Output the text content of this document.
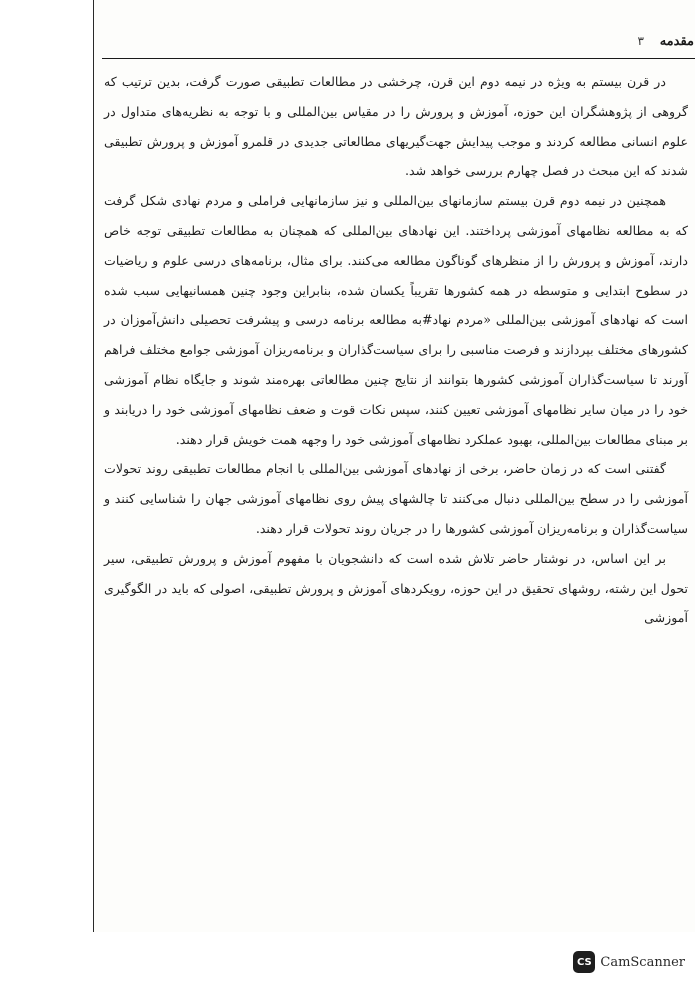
مقدمه
۳

در قرن بیستم به ویژه در نیمه دوم این قرن، چرخشی در مطالعات تطبیقی صورت گرفت، بدین ترتیب که گروهی از پژوهشگران این حوزه، آموزش و پرورش را در مقیاس بین‌المللی و با توجه به نظریه‌های متداول در علوم انسانی مطالعه کردند و موجب پیدایش جهت‌گیریهای مطالعاتی جدیدی در قلمرو آموزش و پرورش تطبیقی شدند که این مبحث در فصل چهارم بررسی خواهد شد.

همچنین در نیمه دوم قرن بیستم سازمانهای بین‌المللی و نیز سازمانهایی فراملی و مردم نهادی شکل گرفت که به مطالعه نظامهای آموزشی پرداختند. این نهادهای بین‌المللی که همچنان به مطالعات تطبیقی توجه خاص دارند، آموزش و پرورش را از منظرهای گوناگون مطالعه می‌کنند. برای مثال، برنامه‌های درسی علوم و ریاضیات در سطوح ابتدایی و متوسطه در همه کشورها تقریباً یکسان شده، بنابراین وجود چنین همسانیهایی سبب شده است که نهادهای آموزشی بین‌المللی «مردم نهاد#به مطالعه برنامه درسی و پیشرفت تحصیلی دانش‌آموزان در کشورهای مختلف بپردازند و فرصت مناسبی را برای سیاست‌گذاران و برنامه‌ریزان آموزشی جوامع مختلف فراهم آورند تا سیاست‌گذاران آموزشی کشورها بتوانند از نتایج چنین مطالعاتی بهره‌مند شوند و جایگاه نظام آموزشی خود را در میان سایر نظامهای آموزشی تعیین کنند، سپس نکات قوت و ضعف نظامهای آموزشی خود را دریابند و بر مبنای مطالعات بین‌المللی، بهبود عملکرد نظامهای آموزشی خود را وجهه همت خویش قرار دهند.

گفتنی است که در زمان حاضر، برخی از نهادهای آموزشی بین‌المللی با انجام مطالعات تطبیقی روند تحولات آموزشی را در سطح بین‌المللی دنبال می‌کنند تا چالشهای پیش روی نظامهای آموزشی جهان را شناسایی کنند و سیاست‌گذاران و برنامه‌ریزان آموزشی کشورها را در جریان روند تحولات قرار دهند.

بر این اساس، در نوشتار حاضر تلاش شده است که دانشجویان با مفهوم آموزش و پرورش تطبیقی، سیر تحول این رشته، روشهای تحقیق در این حوزه، رویکردهای آموزش و پرورش تطبیقی، اصولی که باید در الگوگیری آموزشی

CS CamScanner
